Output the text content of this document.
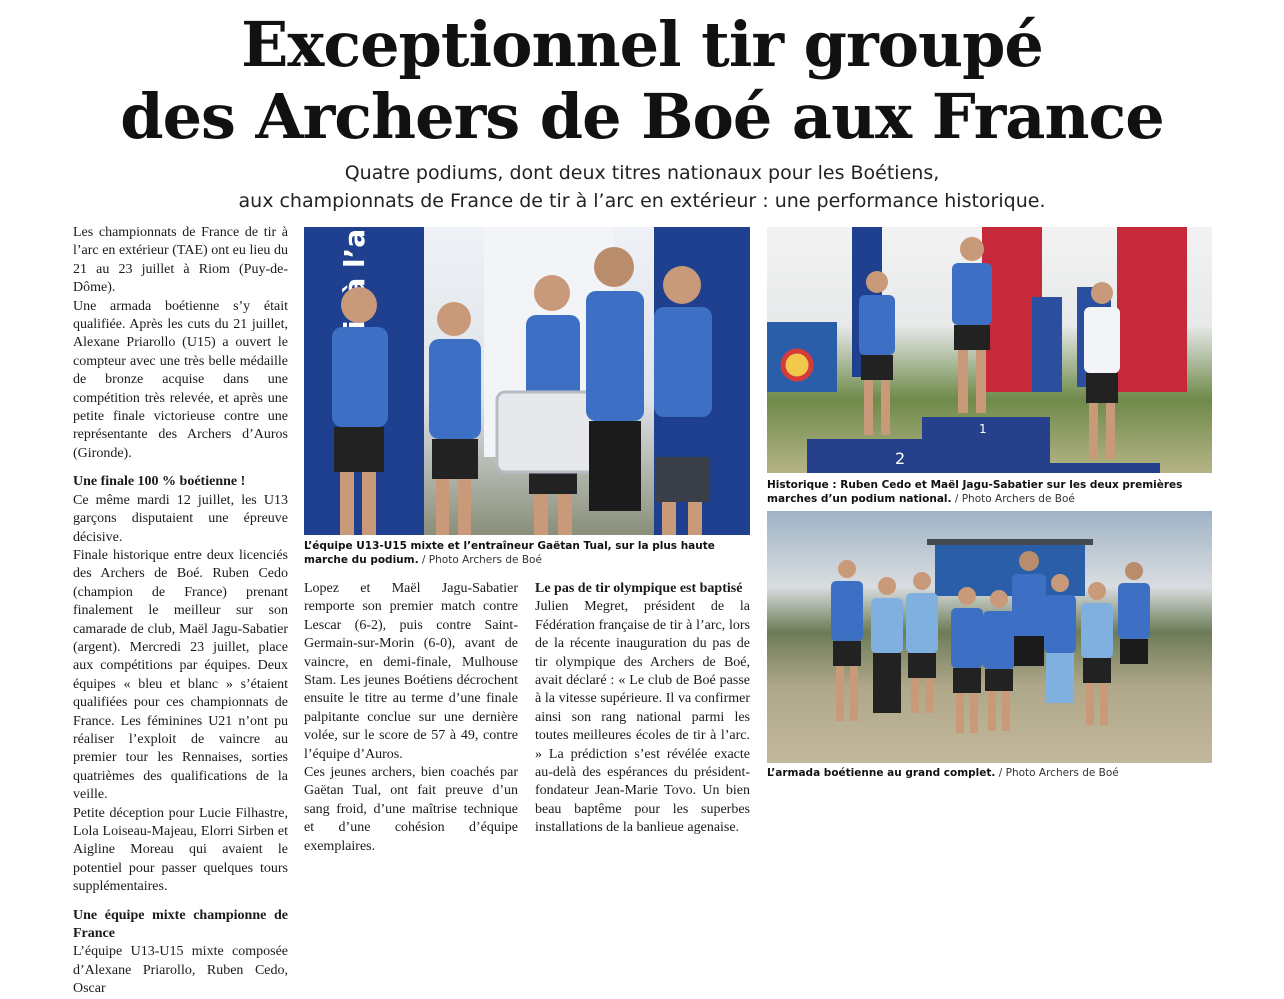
Exceptionnel tir groupé
des Archers de Boé aux France
Quatre podiums, dont deux titres nationaux pour les Boétiens,
aux championnats de France de tir à l’arc en extérieur : une performance historique.

Les championnats de France de tir à l’arc en extérieur (TAE) ont eu lieu du 21 au 23 juillet à Riom (Puy-de-Dôme).

Une armada boétienne s’y était qualifiée. Après les cuts du 21 juillet, Alexane Priarollo (U15) a ouvert le compteur avec une très belle médaille de bronze acquise dans une compétition très relevée, et après une petite finale victorieuse contre une représentante des Archers d’Auros (Gironde).

Une finale 100 % boétienne !

Ce même mardi 12 juillet, les U13 garçons disputaient une épreuve décisive.

Finale historique entre deux licenciés des Archers de Boé. Ruben Cedo (champion de France) prenant finalement le meilleur sur son camarade de club, Maël Jagu-Sabatier (argent). Mercredi 23 juillet, place aux compétitions par équipes. Deux équipes « bleu et blanc » s’étaient qualifiées pour ces championnats de France. Les féminines U21 n’ont pu réaliser l’exploit de vaincre au premier tour les Rennaises, sorties quatrièmes des qualifications de la veille.

Petite déception pour Lucie Filhastre, Lola Loiseau-Majeau, Elorri Sirben et Aigline Moreau qui avaient le potentiel pour passer quelques tours supplémentaires.

Une équipe mixte championne de France

L’équipe U13-U15 mixte composée d’Alexane Priarollo, Ruben Cedo, Oscar

Lopez et Maël Jagu-Sabatier remporte son premier match contre Lescar (6-2), puis contre Saint-Germain-sur-Morin (6-0), avant de vaincre, en demi-finale, Mulhouse Stam. Les jeunes Boétiens décrochent ensuite le titre au terme d’une finale palpitante conclue sur une dernière volée, sur le score de 57 à 49, contre l’équipe d’Auros.

Ces jeunes archers, bien coachés par Gaëtan Tual, ont fait preuve d’un sang froid, d’une maîtrise technique et d’une cohésion d’équipe exemplaires.

Le pas de tir olympique est baptisé

Julien Megret, président de la Fédération française de tir à l’arc, lors de la récente inauguration du pas de tir olympique des Archers de Boé, avait déclaré : « Le club de Boé passe à la vitesse supérieure. Il va confirmer ainsi son rang national parmi les toutes meilleures écoles de tir à l’arc. » La prédiction s’est révélée exacte au-delà des espérances du président-fondateur Jean-Marie Tovo. Un bien beau baptême pour les superbes installations de la banlieue agenaise.

L’équipe U13-U15 mixte et l’entraîneur Gaëtan Tual, sur la plus haute marche du podium. / Photo Archers de Boé
2
1
Historique : Ruben Cedo et Maël Jagu-Sabatier sur les deux premières marches d’un podium national. / Photo Archers de Boé
L’armada boétienne au grand complet. / Photo Archers de Boé
